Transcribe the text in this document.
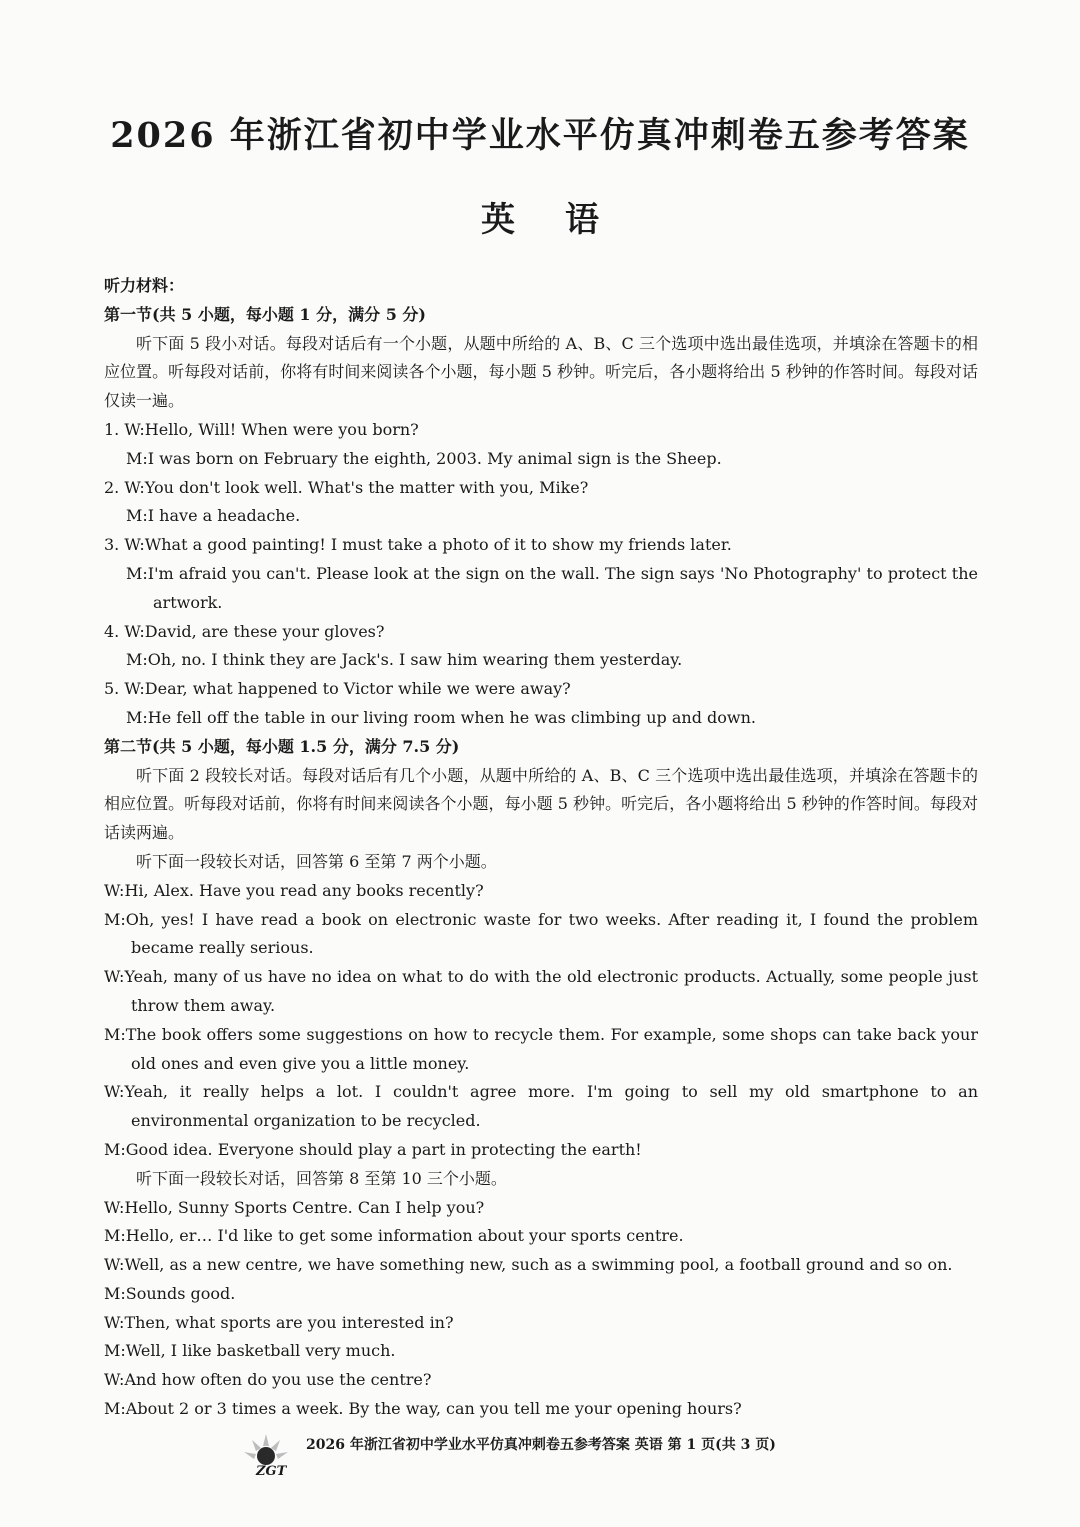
2026 年浙江省初中学业水平仿真冲刺卷五参考答案
英语
听力材料：
第一节(共 5 小题，每小题 1 分，满分 5 分)
听下面 5 段小对话。每段对话后有一个小题，从题中所给的 A、B、C 三个选项中选出最佳选项，并填涂在答题卡的相应位置。听每段对话前，你将有时间来阅读各个小题，每小题 5 秒钟。听完后，各小题将给出 5 秒钟的作答时间。每段对话仅读一遍。
1. W:Hello, Will! When were you born?
M:I was born on February the eighth, 2003. My animal sign is the Sheep.
2. W:You don't look well. What's the matter with you, Mike?
M:I have a headache.
3. W:What a good painting! I must take a photo of it to show my friends later.
M:I'm afraid you can't. Please look at the sign on the wall. The sign says 'No Photography' to protect the artwork.
4. W:David, are these your gloves?
M:Oh, no. I think they are Jack's. I saw him wearing them yesterday.
5. W:Dear, what happened to Victor while we were away?
M:He fell off the table in our living room when he was climbing up and down.
第二节(共 5 小题，每小题 1.5 分，满分 7.5 分)
听下面 2 段较长对话。每段对话后有几个小题，从题中所给的 A、B、C 三个选项中选出最佳选项，并填涂在答题卡的相应位置。听每段对话前，你将有时间来阅读各个小题，每小题 5 秒钟。听完后，各小题将给出 5 秒钟的作答时间。每段对话读两遍。
听下面一段较长对话，回答第 6 至第 7 两个小题。
W:Hi, Alex. Have you read any books recently?
M:Oh, yes! I have read a book on electronic waste for two weeks. After reading it, I found the problem became really serious.
W:Yeah, many of us have no idea on what to do with the old electronic products. Actually, some people just throw them away.
M:The book offers some suggestions on how to recycle them. For example, some shops can take back your old ones and even give you a little money.
W:Yeah, it really helps a lot. I couldn't agree more. I'm going to sell my old smartphone to an environmental organization to be recycled.
M:Good idea. Everyone should play a part in protecting the earth!
听下面一段较长对话，回答第 8 至第 10 三个小题。
W:Hello, Sunny Sports Centre. Can I help you?
M:Hello, er… I'd like to get some information about your sports centre.
W:Well, as a new centre, we have something new, such as a swimming pool, a football ground and so on.
M:Sounds good.
W:Then, what sports are you interested in?
M:Well, I like basketball very much.
W:And how often do you use the centre?
M:About 2 or 3 times a week. By the way, can you tell me your opening hours?
ZGT
2026 年浙江省初中学业水平仿真冲刺卷五参考答案 英语 第 1 页(共 3 页)
